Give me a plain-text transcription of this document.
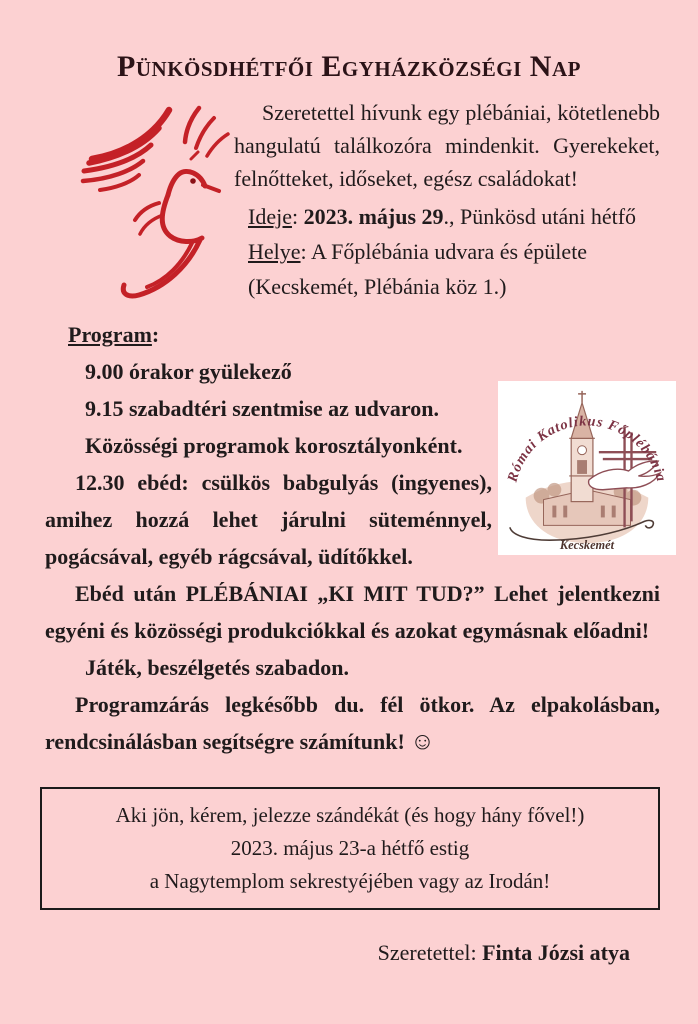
Pünkösdhétfői Egyházközségi Nap

Szeretettel hívunk egy plébániai, kötetlenebb hangulatú találkozóra mindenkit. Gyerekeket, felnőtteket, időseket, egész családokat!

Ideje: 2023. május 29., Pünkösd utáni hétfő

Helye: A Főplébánia udvara és épülete

(Kecskemét, Plébánia köz 1.)

Római Katolikus Főplébánia
Kecskemét

Program:

9.00 órakor gyülekező

9.15 szabadtéri szentmise az udvaron.

Közösségi programok korosztályonként.

12.30 ebéd: csülkös babgulyás (ingyenes), amihez hozzá lehet járulni süteménnyel, pogácsával, egyéb rágcsával, üdítőkkel.

Ebéd után PLÉBÁNIAI „KI MIT TUD?” Lehet jelentkezni egyéni és közösségi produkciókkal és azokat egymásnak előadni!

Játék, beszélgetés szabadon.

Programzárás legkésőbb du. fél ötkor. Az elpakolásban, rendcsinálásban segítségre számítunk! ☺

Aki jön, kérem, jelezze szándékát (és hogy hány fővel!)

2023. május 23-a hétfő estig

a Nagytemplom sekrestyéjében vagy az Irodán!

Szeretettel: Finta Józsi atya
